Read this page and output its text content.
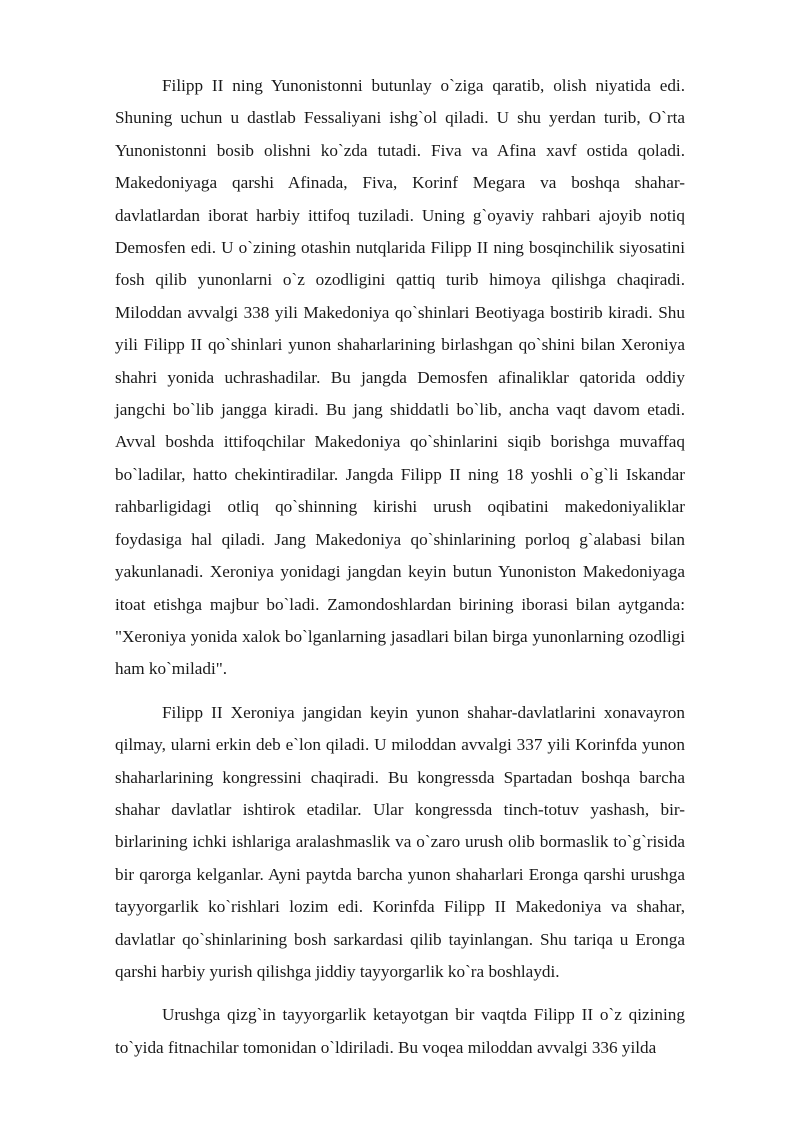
Filipp II ning Yunonistonni butunlay o`ziga qaratib, olish niyatida edi. Shuning uchun u dastlab Fessaliyani ishg`ol qiladi. U shu yerdan turib, O`rta Yunonistonni bosib olishni ko`zda tutadi. Fiva va Afina xavf ostida qoladi. Makedoniyaga qarshi Afinada, Fiva, Korinf Megara va boshqa shahar-davlatlardan iborat harbiy ittifoq tuziladi. Uning g`oyaviy rahbari ajoyib notiq Demosfen edi. U o`zining otashin nutqlarida Filipp II ning bosqinchilik siyosatini fosh qilib yunonlarni o`z ozodligini qattiq turib himoya qilishga chaqiradi. Miloddan avvalgi 338 yili Makedoniya qo`shinlari Beotiyaga bostirib kiradi. Shu yili Filipp II qo`shinlari yunon shaharlarining birlashgan qo`shini bilan Xeroniya shahri yonida uchrashadilar. Bu jangda Demosfen afinaliklar qatorida oddiy jangchi bo`lib jangga kiradi. Bu jang shiddatli bo`lib, ancha vaqt davom etadi. Avval boshda ittifoqchilar Makedoniya qo`shinlarini siqib borishga muvaffaq bo`ladilar, hatto chekintiradilar. Jangda Filipp II ning 18 yoshli o`g`li Iskandar rahbarligidagi otliq qo`shinning kirishi urush oqibatini makedoniyaliklar foydasiga hal qiladi. Jang Makedoniya qo`shinlarining porloq g`alabasi bilan yakunlanadi. Xeroniya yonidagi jangdan keyin butun Yunoniston Makedoniyaga itoat etishga majbur bo`ladi. Zamondoshlardan birining iborasi bilan aytganda: "Xeroniya yonida xalok bo`lganlarning jasadlari bilan birga yunonlarning ozodligi ham ko`miladi".

Filipp II Xeroniya jangidan keyin yunon shahar-davlatlarini xonavayron qilmay, ularni erkin deb e`lon qiladi. U miloddan avvalgi 337 yili Korinfda yunon shaharlarining kongressini chaqiradi. Bu kongressda Spartadan boshqa barcha shahar davlatlar ishtirok etadilar. Ular kongressda tinch-totuv yashash, bir-birlarining ichki ishlariga aralashmaslik va o`zaro urush olib bormaslik to`g`risida bir qarorga kelganlar. Ayni paytda barcha yunon shaharlari Eronga qarshi urushga tayyorgarlik ko`rishlari lozim edi. Korinfda Filipp II Makedoniya va shahar, davlatlar qo`shinlarining bosh sarkardasi qilib tayinlangan. Shu tariqa u Eronga qarshi harbiy yurish qilishga jiddiy tayyorgarlik ko`ra boshlaydi.

Urushga qizg`in tayyorgarlik ketayotgan bir vaqtda Filipp II o`z qizining to`yida fitnachilar tomonidan o`ldiriladi. Bu voqea miloddan avvalgi 336 yilda
